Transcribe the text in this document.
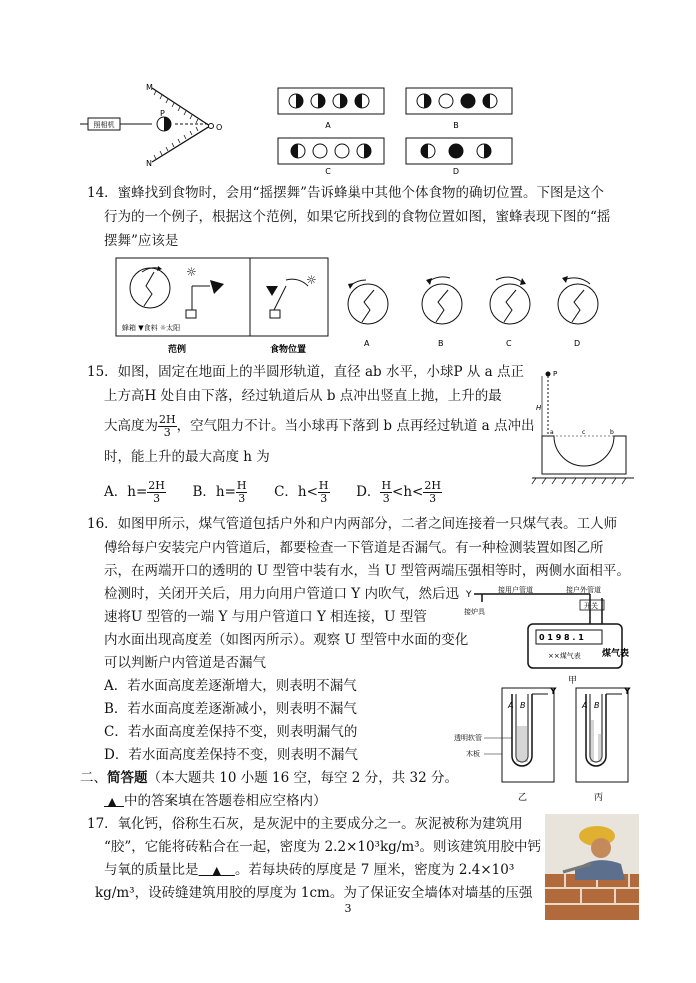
照相机
M
P
N
O	A	B
C	D
14．蜜蜂找到食物时，会用“摇摆舞”告诉蜂巢中其他个体食物的确切位置。下图是这个
行为的一个例子，根据这个范例，如果它所找到的食物位置如图，蜜蜂表现下图的“摇
摆舞”应该是
☼
蜂箱 ▼食料 ☼太阳
☼
范例	食物位置
A	B	C	D
15．如图，固定在地面上的半圆形轨道，直径 ab 水平，小球P 从 a 点正
上方高H 处自由下落，经过轨道后从 b 点冲出竖直上抛，上升的最
大高度为 $\frac{2H}{3}$ ，空气阻力不计。当小球再下落到 b 点再经过轨道 a 点冲出
时，能上升的最大高度 h 为
A．$h= \frac{2H}{3}$ B．$h= \frac{H}{3}$ C．$h< \frac{H}{3}$ D． $\frac{H}{3} <h< \frac{2H}{3}$
P
H
a	c	b
16．如图甲所示，煤气管道包括户外和户内两部分，二者之间连接着一只煤气表。工人师
傅给每户安装完户内管道后，都要检查一下管道是否漏气。有一种检测装置如图乙所
示，在两端开口的透明的 U 型管中装有水，当 U 型管两端压强相等时，两侧水面相平。
检测时，关闭开关后，用力向用户管道口 Y 内吹气，然后迅
速将U 型管的一端 Y 与用户管道口 Y 相连接，U 型管
内水面出现高度差（如图丙所示）。观察 U 型管中水面的变化
可以判断户内管道是否漏气
A．若水面高度差逐渐增大，则表明不漏气
B．若水面高度差逐渐减小，则表明不漏气
C．若水面高度差保持不变，则表明漏气的
D．若水面高度差保持不变，则表明不漏气
Y	接用户管道
接炉具
接户外管道
开关
0 1 9 8 . 1
××煤气表 煤气表
甲
Y
A B
透明软管
木板
乙
Y
A B
丙
二、简答题（本大题共 10 小题 16 空，每空 2 分，共 32 分。
▲  中的答案填在答题卷相应空格内）
17．氧化钙，俗称生石灰，是灰泥中的主要成分之一。灰泥被称为建筑用
“胶”，它能将砖粘合在一起，密度为 2.2×10³kg/m³。则该建筑用胶中钙
与氧的质量比是    ▲    。若每块砖的厚度是 7 厘米，密度为 2.4×10³
kg/m³，设砖缝建筑用胶的厚度为 1cm。为了保证安全墙体对墙基的压强
3
